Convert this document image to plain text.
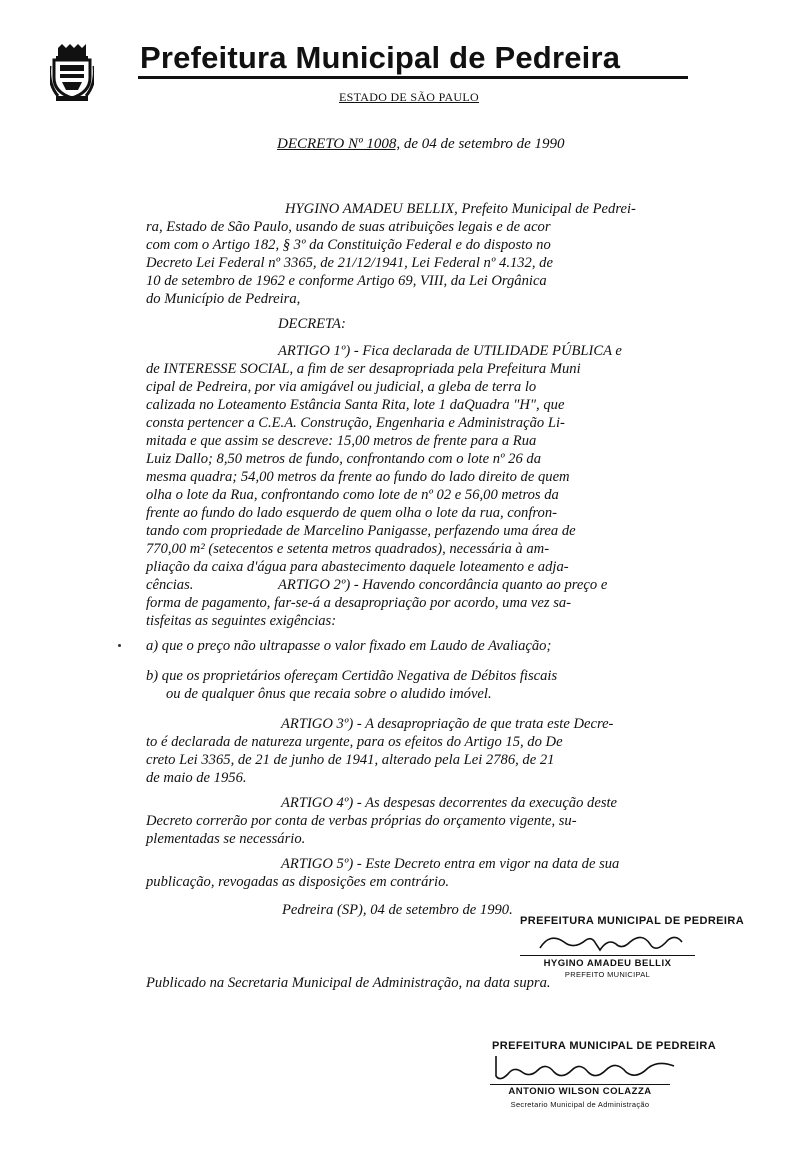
Prefeitura Municipal de Pedreira
ESTADO DE SÃO PAULO
DECRETO Nº 1008, de 04 de setembro de 1990
HYGINO AMADEU BELLIX, Prefeito Municipal de Pedrei-
ra, Estado de São Paulo, usando de suas atribuições legais e de acor
com com o Artigo 182, § 3º da Constituição Federal e do disposto no
Decreto Lei Federal nº 3365, de 21/12/1941, Lei Federal nº 4.132, de
10 de setembro de 1962 e conforme Artigo 69, VIII, da Lei Orgânica
do Município de Pedreira,
DECRETA:
ARTIGO 1º) - Fica declarada de UTILIDADE PÚBLICA e
de INTERESSE SOCIAL, a fim de ser desapropriada pela Prefeitura Muni
cipal de Pedreira, por via amigável ou judicial, a gleba de terra lo
calizada no Loteamento Estância Santa Rita, lote 1 daQuadra "H", que
consta pertencer a C.E.A. Construção, Engenharia e Administração Li-
mitada e que assim se descreve: 15,00 metros de frente para a Rua
Luiz Dallo; 8,50 metros de fundo, confrontando com o lote nº 26 da
mesma quadra; 54,00 metros da frente ao fundo do lado direito de quem
olha o lote da Rua, confrontando como lote de nº 02 e 56,00 metros da
frente ao fundo do lado esquerdo de quem olha o lote da rua, confron-
tando com propriedade de Marcelino Panigasse, perfazendo uma área de
770,00 m² (setecentos e setenta metros quadrados), necessária à am-
pliação da caixa d'água para abastecimento daquele loteamento e adja-
cências.	ARTIGO 2º) - Havendo concordância quanto ao preço e
forma de pagamento, far-se-á a desapropriação por acordo, uma vez sa-
tisfeitas as seguintes exigências:
a) que o preço não ultrapasse o valor fixado em Laudo de Avaliação;
b) que os proprietários ofereçam Certidão Negativa de Débitos fiscais
ou de qualquer ônus que recaia sobre o aludido imóvel.
ARTIGO 3º) - A desapropriação de que trata este Decre-
to é declarada de natureza urgente, para os efeitos do Artigo 15, do De
creto Lei 3365, de 21 de junho de 1941, alterado pela Lei 2786, de 21
de maio de 1956.
ARTIGO 4º) - As despesas decorrentes da execução deste
Decreto correrão por conta de verbas próprias do orçamento vigente, su-
plementadas se necessário.
ARTIGO 5º) - Este Decreto entra em vigor na data de sua
publicação, revogadas as disposições em contrário.
Pedreira (SP), 04 de setembro de 1990.
PREFEITURA MUNICIPAL DE PEDREIRA
HYGINO AMADEU BELLIX
PREFEITO MUNICIPAL
Publicado na Secretaria Municipal de Administração, na data supra.
PREFEITURA MUNICIPAL DE PEDREIRA
ANTONIO WILSON COLAZZA
Secretario Municipal de Administração
